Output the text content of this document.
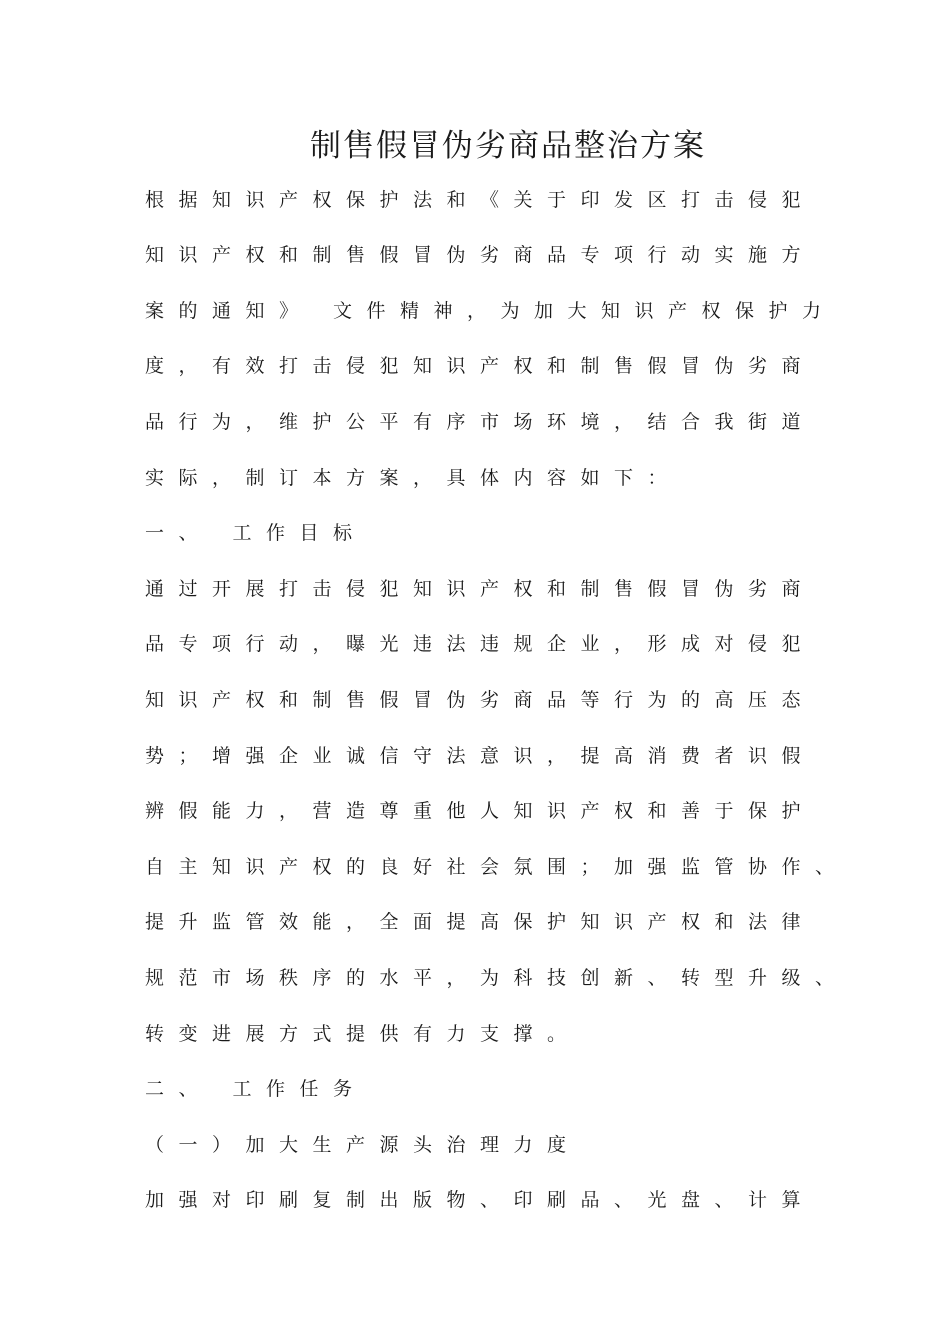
制售假冒伪劣商品整治方案
根据知识产权保护法和《关于印发区打击侵犯
知识产权和制售假冒伪劣商品专项行动实施方
案的通知》 文件精神，为加大知识产权保护力
度，有效打击侵犯知识产权和制售假冒伪劣商
品行为，维护公平有序市场环境，结合我街道
实际，制订本方案，具体内容如下：
一、 工作目标
通过开展打击侵犯知识产权和制售假冒伪劣商
品专项行动，曝光违法违规企业，形成对侵犯
知识产权和制售假冒伪劣商品等行为的高压态
势；增强企业诚信守法意识，提高消费者识假
辨假能力，营造尊重他人知识产权和善于保护
自主知识产权的良好社会氛围；加强监管协作、
提升监管效能，全面提高保护知识产权和法律
规范市场秩序的水平，为科技创新、转型升级、
转变进展方式提供有力支撑。
二、 工作任务
（一）加大生产源头治理力度
加强对印刷复制出版物、印刷品、光盘、计算
